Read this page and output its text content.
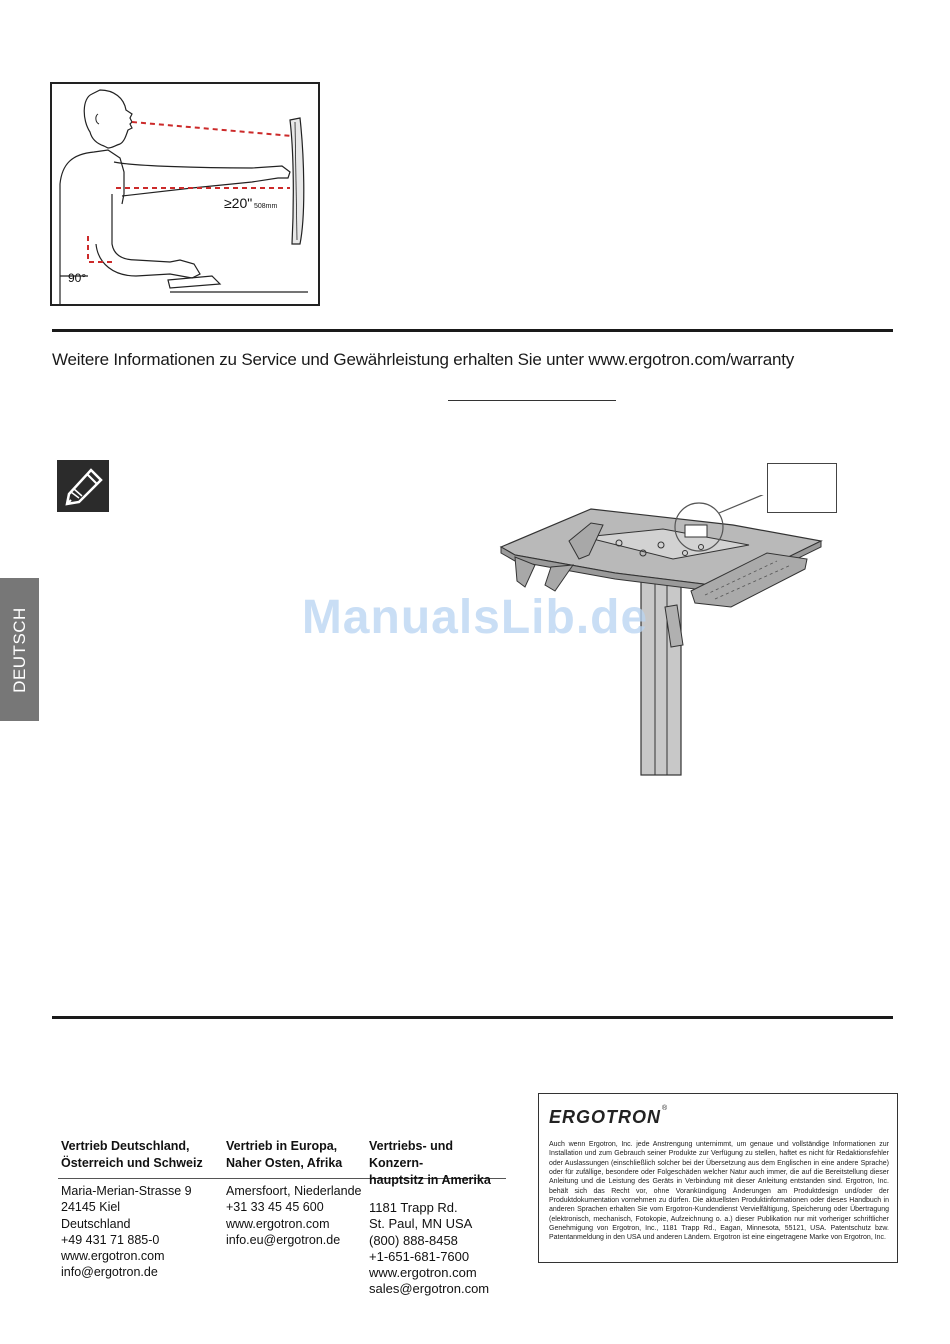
≥20" 508mm
90°
Weitere Informationen zu Service und Gewährleistung erhalten Sie unter www.ergotron.com/warranty
DEUTSCH	ManualsLib.de
Vertrieb Deutschland,
Österreich und Schweiz
Maria-Merian-Strasse 9
24145 Kiel
Deutschland
+49 431 71 885-0
www.ergotron.com
info@ergotron.de
Vertrieb in Europa,
Naher Osten, Afrika
Amersfoort, Niederlande
+31 33 45 45 600
www.ergotron.com
info.eu@ergotron.de
Vertriebs- und Konzern-
hauptsitz in Amerika
1181 Trapp Rd.
St. Paul, MN USA
(800) 888-8458
+1-651-681-7600
www.ergotron.com
sales@ergotron.com
ERGOTRON®
Auch wenn Ergotron, Inc. jede Anstrengung unternimmt, um genaue und vollständige Informationen zur Installation und zum Gebrauch seiner Produkte zur Verfügung zu stellen, haftet es nicht für Redaktionsfehler oder Auslassungen (einschließlich solcher bei der Übersetzung aus dem Englischen in eine andere Sprache) oder für zufällige, besondere oder Folgeschäden welcher Natur auch immer, die auf die Bereitstellung dieser Anleitung und die Leistung des Geräts in Verbindung mit dieser Anleitung entstanden sind. Ergotron, Inc. behält sich das Recht vor, ohne Vorankündigung Änderungen am Produktdesign und/oder der Produktdokumentation vornehmen zu dürfen. Die aktuellsten Produktinformationen oder dieses Handbuch in anderen Sprachen erhalten Sie vom Ergotron-Kundendienst Vervielfältigung, Speicherung oder Übertragung (elektronisch, mechanisch, Fotokopie, Aufzeichnung o. a.) dieser Publikation nur mit vorheriger schriftlicher Genehmigung von Ergotron, Inc., 1181 Trapp Rd., Eagan, Minnesota, 55121, USA. Patentschutz bzw. Patentanmeldung in den USA und anderen Ländern. Ergotron ist eine eingetragene Marke von Ergotron, Inc.
